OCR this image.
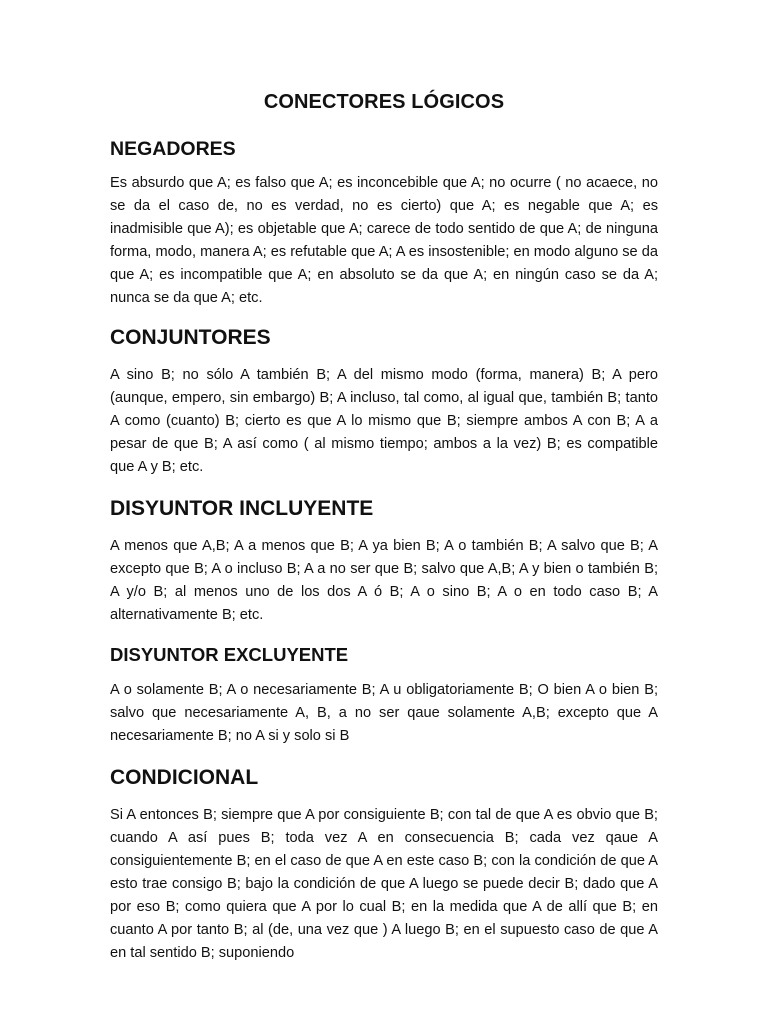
CONECTORES LÓGICOS
NEGADORES

Es absurdo que A; es falso que A; es inconcebible que A; no ocurre ( no acaece, no se da el caso de, no es verdad, no es cierto) que A; es negable que A; es inadmisible que A); es objetable que A; carece de todo sentido de que A; de ninguna forma, modo, manera A; es refutable que A; A es insostenible; en modo alguno se da que A; es incompatible que A; en absoluto se da que A; en ningún caso se da A; nunca se da que A; etc.

CONJUNTORES

A sino B; no sólo A también B; A del mismo modo (forma, manera) B; A pero (aunque, empero, sin embargo) B; A incluso, tal como, al igual que, también B; tanto A como (cuanto) B; cierto es que A lo mismo que B; siempre ambos A con B; A a pesar de que B; A así como ( al mismo tiempo; ambos a la vez) B; es compatible que A y B; etc.

DISYUNTOR INCLUYENTE

A menos que A,B; A a menos que B; A ya bien B; A o también B; A salvo que B; A excepto que B; A o incluso B; A a no ser que B; salvo que A,B; A y bien o también B; A y/o B; al menos uno de los dos A ó B; A o sino B; A o en todo caso B; A alternativamente B; etc.

DISYUNTOR EXCLUYENTE

A o solamente B; A o necesariamente B; A u obligatoriamente B; O bien A o bien B; salvo que necesariamente A, B, a no ser qaue solamente A,B; excepto que A necesariamente B; no A si y solo si B

CONDICIONAL

Si A entonces B; siempre que A por consiguiente B; con tal de que A es obvio que B; cuando A así pues B; toda vez A en consecuencia B; cada vez qaue A consiguientemente B; en el caso de que A en este caso B; con la condición de que A esto trae consigo B; bajo la condición de que A luego se puede decir B; dado que A por eso B; como quiera que A por lo cual B; en la medida que A de allí que B; en cuanto A por tanto B; al (de, una vez que ) A luego B; en el supuesto caso de que A en tal sentido B; suponiendo
